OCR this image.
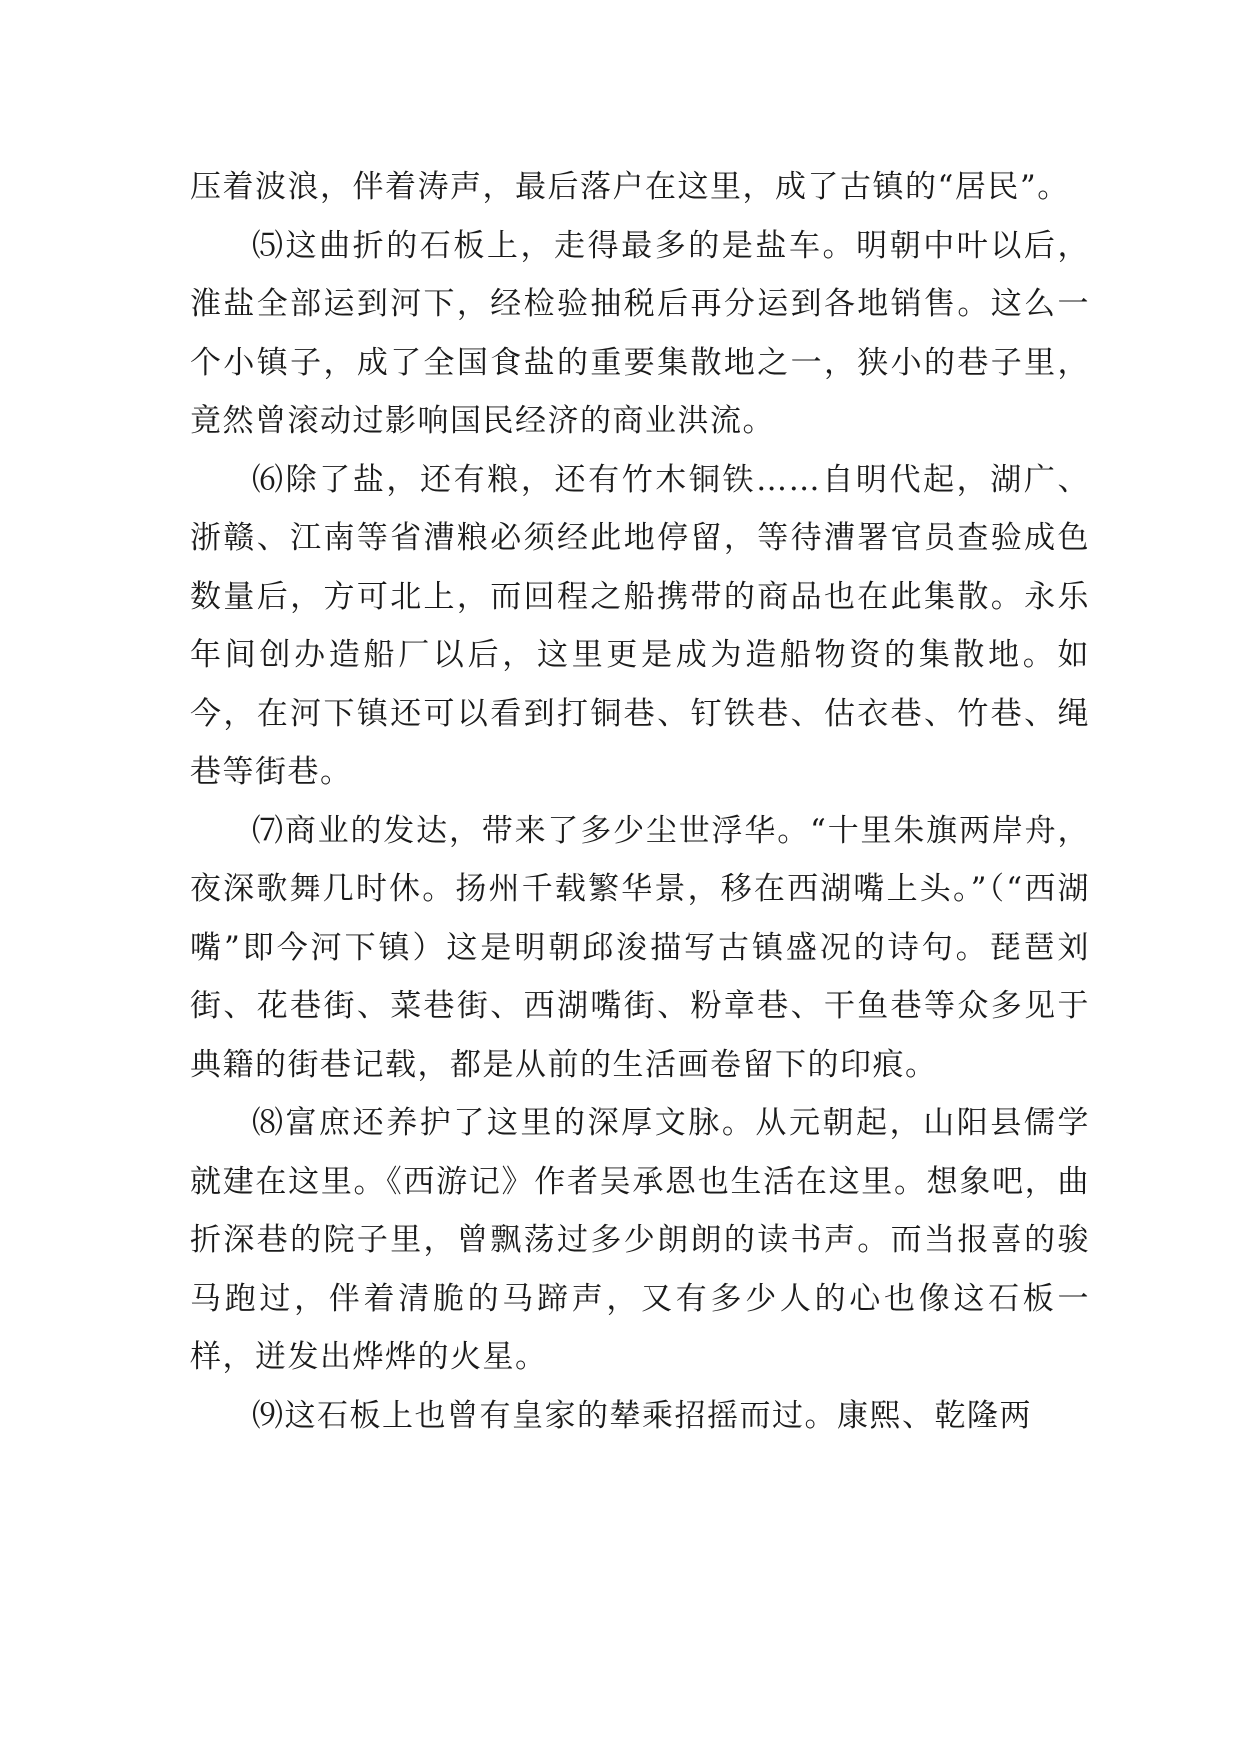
压着波浪，伴着涛声，最后落户在这里，成了古镇的“居民”。

⑸这曲折的石板上，走得最多的是盐车。明朝中叶以后，淮盐全部运到河下，经检验抽税后再分运到各地销售。这么一个小镇子，成了全国食盐的重要集散地之一，狭小的巷子里，竟然曾滚动过影响国民经济的商业洪流。

⑹除了盐，还有粮，还有竹木铜铁……自明代起，湖广、浙赣、江南等省漕粮必须经此地停留，等待漕署官员查验成色数量后，方可北上，而回程之船携带的商品也在此集散。永乐年间创办造船厂以后，这里更是成为造船物资的集散地。如今，在河下镇还可以看到打铜巷、钉铁巷、估衣巷、竹巷、绳巷等街巷。

⑺商业的发达，带来了多少尘世浮华。“十里朱旗两岸舟，夜深歌舞几时休。扬州千载繁华景，移在西湖嘴上头。”（“西湖嘴”即今河下镇）这是明朝邱浚描写古镇盛况的诗句。琵琶刘街、花巷街、菜巷街、西湖嘴街、粉章巷、干鱼巷等众多见于典籍的街巷记载，都是从前的生活画卷留下的印痕。

⑻富庶还养护了这里的深厚文脉。从元朝起，山阳县儒学就建在这里。《西游记》作者吴承恩也生活在这里。想象吧，曲折深巷的院子里，曾飘荡过多少朗朗的读书声。而当报喜的骏马跑过，伴着清脆的马蹄声，又有多少人的心也像这石板一样，迸发出烨烨的火星。

⑼这石板上也曾有皇家的辇乘招摇而过。康熙、乾隆两
